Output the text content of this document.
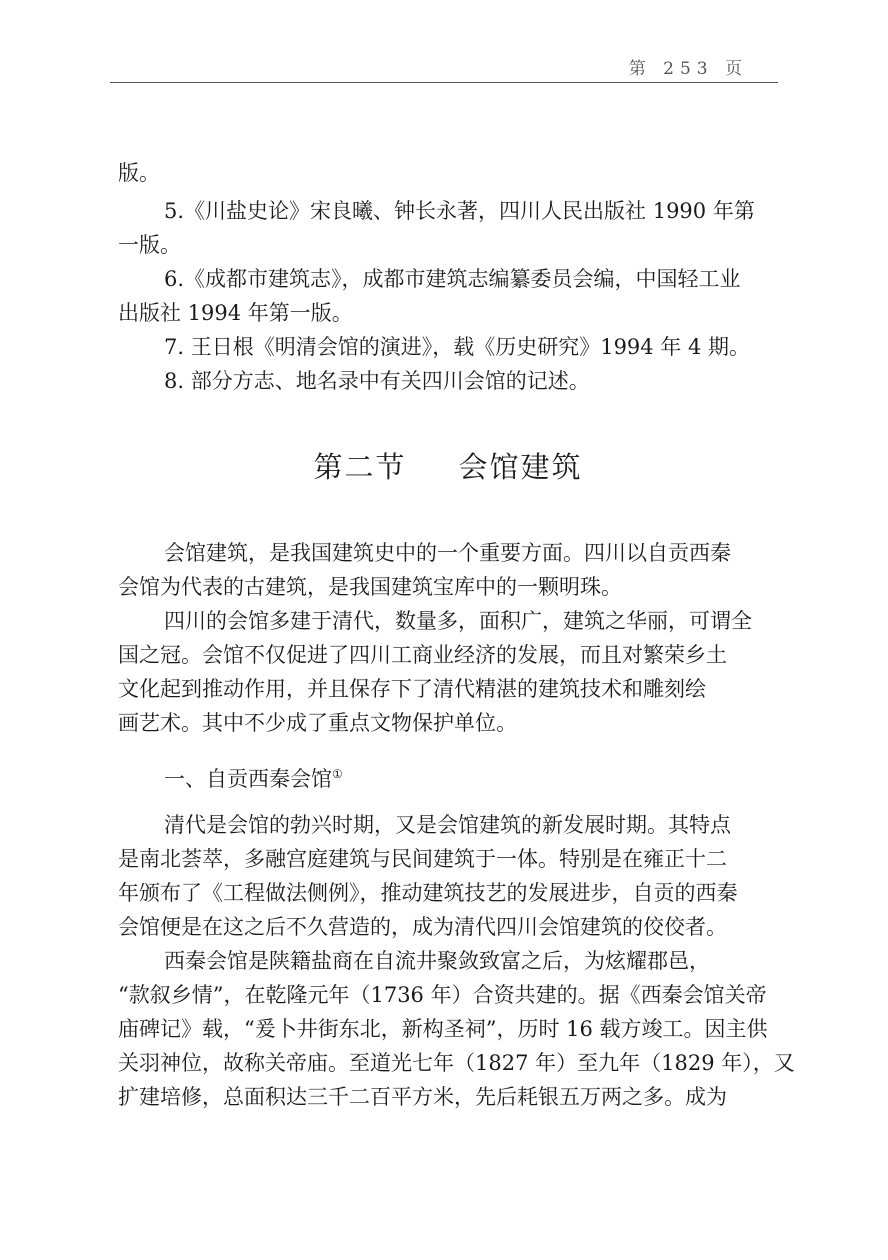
第 253 页
版。
5.《川盐史论》宋良曦、钟长永著，四川人民出版社 1990 年第
一版。
6.《成都市建筑志》，成都市建筑志编纂委员会编，中国轻工业
出版社 1994 年第一版。
7. 王日根《明清会馆的演进》，载《历史研究》1994 年 4 期。
8. 部分方志、地名录中有关四川会馆的记述。
第二节 会馆建筑
会馆建筑，是我国建筑史中的一个重要方面。四川以自贡西秦
会馆为代表的古建筑，是我国建筑宝库中的一颗明珠。
四川的会馆多建于清代，数量多，面积广，建筑之华丽，可谓全
国之冠。会馆不仅促进了四川工商业经济的发展，而且对繁荣乡土
文化起到推动作用，并且保存下了清代精湛的建筑技术和雕刻绘
画艺术。其中不少成了重点文物保护单位。
一、自贡西秦会馆①
清代是会馆的勃兴时期，又是会馆建筑的新发展时期。其特点
是南北荟萃，多融宫庭建筑与民间建筑于一体。特别是在雍正十二
年颁布了《工程做法侧例》，推动建筑技艺的发展进步，自贡的西秦
会馆便是在这之后不久营造的，成为清代四川会馆建筑的佼佼者。
西秦会馆是陕籍盐商在自流井聚敛致富之后，为炫耀郡邑，
“款叙乡情”，在乾隆元年（1736 年）合资共建的。据《西秦会馆关帝
庙碑记》载，“爰卜井街东北，新构圣祠”，历时 16 载方竣工。因主供
关羽神位，故称关帝庙。至道光七年（1827 年）至九年（1829 年），又
扩建培修，总面积达三千二百平方米，先后耗银五万两之多。成为
